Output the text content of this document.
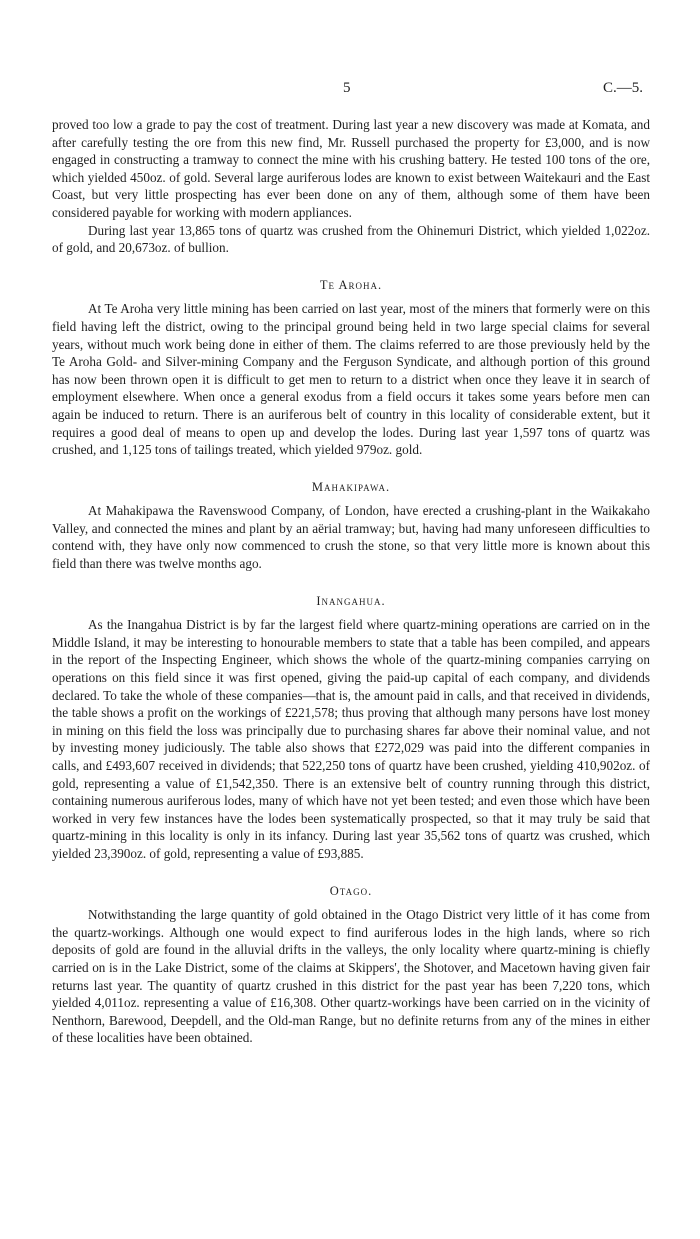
5	C.—5.

proved too low a grade to pay the cost of treatment. During last year a new discovery was made at Komata, and after carefully testing the ore from this new find, Mr. Russell purchased the property for £3,000, and is now engaged in constructing a tramway to connect the mine with his crushing battery. He tested 100 tons of the ore, which yielded 450oz. of gold. Several large auriferous lodes are known to exist between Waitekauri and the East Coast, but very little prospecting has ever been done on any of them, although some of them have been considered payable for working with modern appliances.

During last year 13,865 tons of quartz was crushed from the Ohinemuri District, which yielded 1,022oz. of gold, and 20,673oz. of bullion.

Te Aroha.

At Te Aroha very little mining has been carried on last year, most of the miners that formerly were on this field having left the district, owing to the principal ground being held in two large special claims for several years, without much work being done in either of them. The claims referred to are those previously held by the Te Aroha Gold- and Silver-mining Company and the Ferguson Syndicate, and although portion of this ground has now been thrown open it is difficult to get men to return to a district when once they leave it in search of employment elsewhere. When once a general exodus from a field occurs it takes some years before men can again be induced to return. There is an auriferous belt of country in this locality of considerable extent, but it requires a good deal of means to open up and develop the lodes. During last year 1,597 tons of quartz was crushed, and 1,125 tons of tailings treated, which yielded 979oz. gold.

Mahakipawa.

At Mahakipawa the Ravenswood Company, of London, have erected a crushing-plant in the Waikakaho Valley, and connected the mines and plant by an aërial tramway; but, having had many unforeseen difficulties to contend with, they have only now commenced to crush the stone, so that very little more is known about this field than there was twelve months ago.

Inangahua.

As the Inangahua District is by far the largest field where quartz-mining operations are carried on in the Middle Island, it may be interesting to honourable members to state that a table has been compiled, and appears in the report of the Inspecting Engineer, which shows the whole of the quartz-mining companies carrying on operations on this field since it was first opened, giving the paid-up capital of each company, and dividends declared. To take the whole of these companies—that is, the amount paid in calls, and that received in dividends, the table shows a profit on the workings of £221,578; thus proving that although many persons have lost money in mining on this field the loss was principally due to purchasing shares far above their nominal value, and not by investing money judiciously. The table also shows that £272,029 was paid into the different companies in calls, and £493,607 received in dividends; that 522,250 tons of quartz have been crushed, yielding 410,902oz. of gold, representing a value of £1,542,350. There is an extensive belt of country running through this district, containing numerous auriferous lodes, many of which have not yet been tested; and even those which have been worked in very few instances have the lodes been systematically prospected, so that it may truly be said that quartz-mining in this locality is only in its infancy. During last year 35,562 tons of quartz was crushed, which yielded 23,390oz. of gold, representing a value of £93,885.

Otago.

Notwithstanding the large quantity of gold obtained in the Otago District very little of it has come from the quartz-workings. Although one would expect to find auriferous lodes in the high lands, where so rich deposits of gold are found in the alluvial drifts in the valleys, the only locality where quartz-mining is chiefly carried on is in the Lake District, some of the claims at Skippers', the Shotover, and Macetown having given fair returns last year. The quantity of quartz crushed in this district for the past year has been 7,220 tons, which yielded 4,011oz. representing a value of £16,308. Other quartz-workings have been carried on in the vicinity of Nenthorn, Barewood, Deepdell, and the Old-man Range, but no definite returns from any of the mines in either of these localities have been obtained.
